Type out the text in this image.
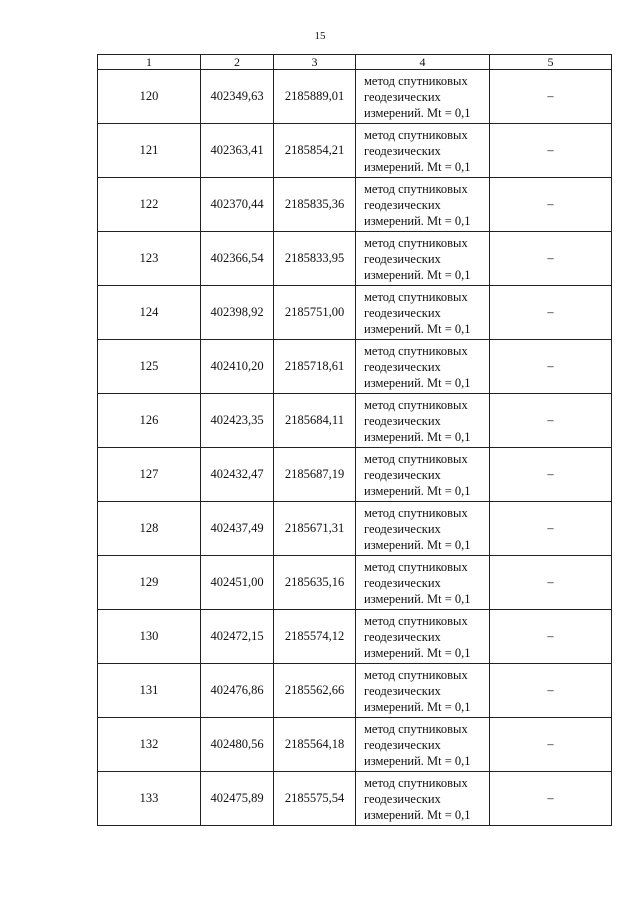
15
1	2	3	4	5
120	402349,63	2185889,01	метод спутниковых
геодезических
измерений. Mt = 0,1	–
121	402363,41	2185854,21	метод спутниковых
геодезических
измерений. Mt = 0,1	–
122	402370,44	2185835,36	метод спутниковых
геодезических
измерений. Mt = 0,1	–
123	402366,54	2185833,95	метод спутниковых
геодезических
измерений. Mt = 0,1	–
124	402398,92	2185751,00	метод спутниковых
геодезических
измерений. Mt = 0,1	–
125	402410,20	2185718,61	метод спутниковых
геодезических
измерений. Mt = 0,1	–
126	402423,35	2185684,11	метод спутниковых
геодезических
измерений. Mt = 0,1	–
127	402432,47	2185687,19	метод спутниковых
геодезических
измерений. Mt = 0,1	–
128	402437,49	2185671,31	метод спутниковых
геодезических
измерений. Mt = 0,1	–
129	402451,00	2185635,16	метод спутниковых
геодезических
измерений. Mt = 0,1	–
130	402472,15	2185574,12	метод спутниковых
геодезических
измерений. Mt = 0,1	–
131	402476,86	2185562,66	метод спутниковых
геодезических
измерений. Mt = 0,1	–
132	402480,56	2185564,18	метод спутниковых
геодезических
измерений. Mt = 0,1	–
133	402475,89	2185575,54	метод спутниковых
геодезических
измерений. Mt = 0,1	–
